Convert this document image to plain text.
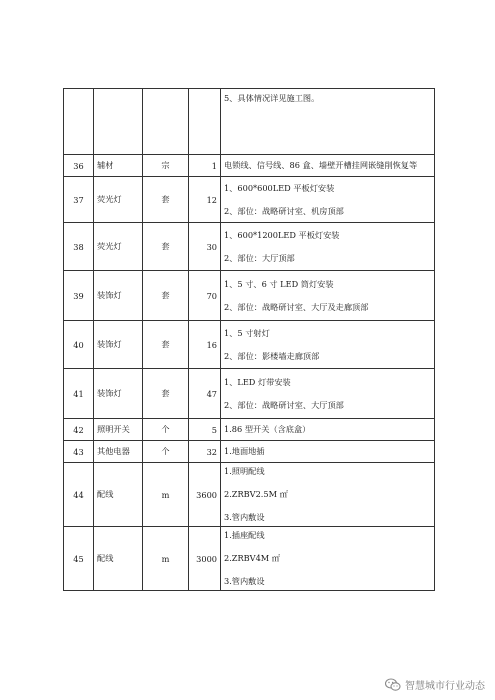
				5、具体情况详见施工图。

36	辅材	宗	1	电锁线、信号线、86 盒、墙壁开槽挂网嵌缝削恢复等

37	荧光灯	套	12	1、600*600LED 平板灯安装
2、部位：战略研讨室、机房顶部

38	荧光灯	套	30	1、600*1200LED 平板灯安装
2、部位：大厅顶部

39	装饰灯	套	70	1、5 寸、6 寸 LED 筒灯安装
2、部位：战略研讨室、大厅及走廊顶部

40	装饰灯	套	16	1、5 寸射灯
2、部位：影楼墙走廊顶部

41	装饰灯	套	47	1、LED 灯带安装
2、部位：战略研讨室、大厅顶部

42	照明开关	个	5	1.86 型开关（含底盒）

43	其他电器	个	32	1.地面地插

44	配线	m	3600	1.照明配线
2.ZRBV2.5M ㎡
3.管内敷设

45	配线	m	3000	1.插座配线
2.ZRBV4M ㎡
3.管内敷设
智慧城市行业动态
